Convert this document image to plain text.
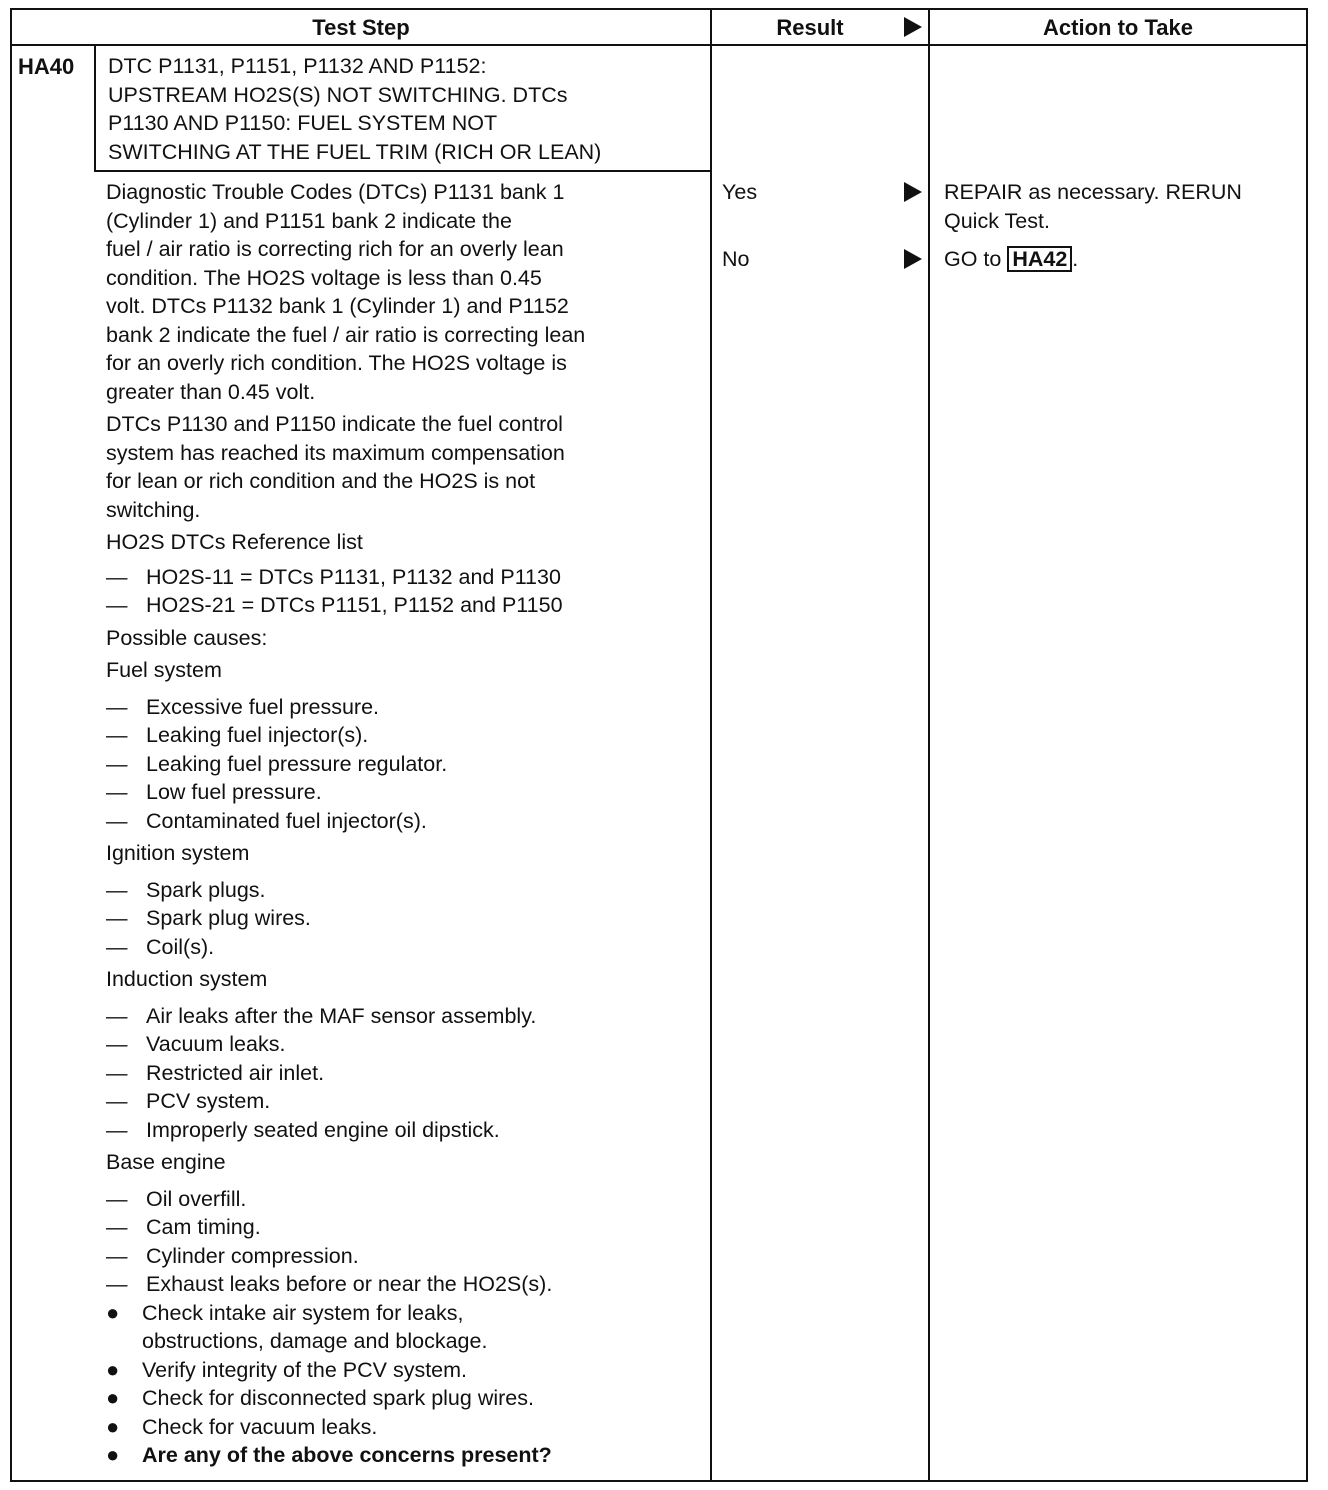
Test Step	Result	Action to Take
HA40 DTC P1131, P1151, P1132 AND P1152:
UPSTREAM HO2S(S) NOT SWITCHING. DTCs
P1130 AND P1150: FUEL SYSTEM NOT
SWITCHING AT THE FUEL TRIM (RICH OR LEAN)
Diagnostic Trouble Codes (DTCs) P1131 bank 1
(Cylinder 1) and P1151 bank 2 indicate the
fuel / air ratio is correcting rich for an overly lean
condition. The HO2S voltage is less than 0.45
volt. DTCs P1132 bank 1 (Cylinder 1) and P1152
bank 2 indicate the fuel / air ratio is correcting lean
for an overly rich condition. The HO2S voltage is
greater than 0.45 volt.
DTCs P1130 and P1150 indicate the fuel control
system has reached its maximum compensation
for lean or rich condition and the HO2S is not
switching.
HO2S DTCs Reference list
— HO2S-11 = DTCs P1131, P1132 and P1130
— HO2S-21 = DTCs P1151, P1152 and P1150
Possible causes:
Fuel system
— Excessive fuel pressure.
— Leaking fuel injector(s).
— Leaking fuel pressure regulator.
— Low fuel pressure.
— Contaminated fuel injector(s).
Ignition system
— Spark plugs.
— Spark plug wires.
— Coil(s).
Induction system
— Air leaks after the MAF sensor assembly.
— Vacuum leaks.
— Restricted air inlet.
— PCV system.
— Improperly seated engine oil dipstick.
Base engine
— Oil overfill.
— Cam timing.
— Cylinder compression.
— Exhaust leaks before or near the HO2S(s).
● Check intake air system for leaks,
obstructions, damage and blockage.
● Verify integrity of the PCV system.
● Check for disconnected spark plug wires.
● Check for vacuum leaks.
● Are any of the above concerns present?
Yes
No
REPAIR as necessary. RERUN
Quick Test.
GO to HA42 .
